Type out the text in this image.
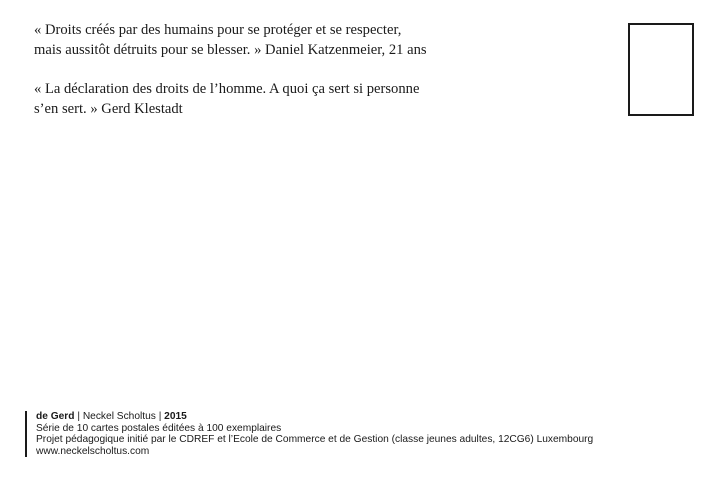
« Droits créés par des humains pour se protéger et se respecter,
mais aussitôt détruits pour se blesser. » Daniel Katzenmeier, 21 ans

« La déclaration des droits de l’homme. A quoi ça sert si personne
s’en sert. » Gerd Klestadt

de Gerd | Neckel Scholtus | 2015
Série de 10 cartes postales éditées à 100 exemplaires
Projet pédagogique initié par le CDREF et l’Ecole de Commerce et de Gestion (classe jeunes adultes, 12CG6) Luxembourg
www.neckelscholtus.com
